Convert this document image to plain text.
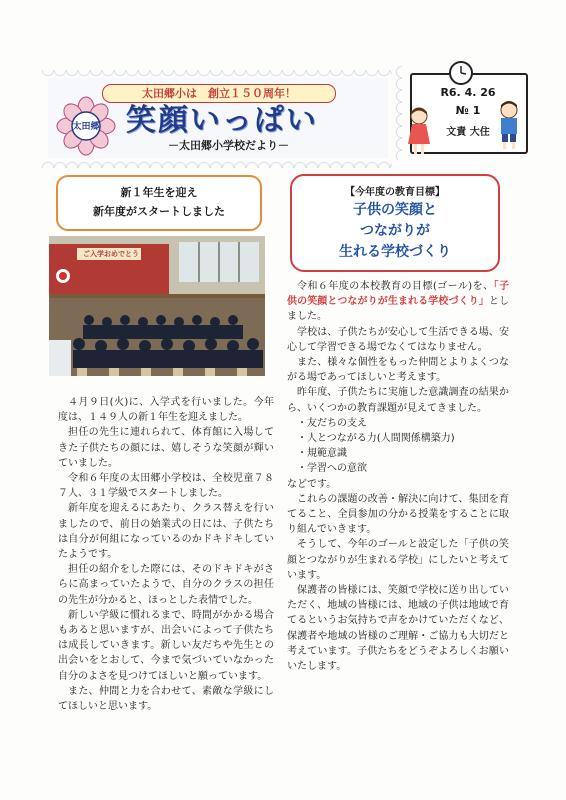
太田郷小は　創立１５０周年！
太田郷 笑顔いっぱい
－太田郷小学校だより－
R6. 4. 26
№ 1
文責 大住
新１年生を迎え
新年度がスタートしました
ご入学おめでとう

４月９日(火)に、入学式を行いました。今年度は、１４９人の新１年生を迎えました。

担任の先生に連れられて、体育館に入場してきた子供たちの顔には、嬉しそうな笑顔が輝いていました。

令和６年度の太田郷小学校は、全校児童７８７人、３１学級でスタートしました。

新年度を迎えるにあたり、クラス替えを行いましたので、前日の始業式の日には、子供たちは自分が何組になっているのかドキドキしていたようです。

担任の紹介をした際には、そのドキドキがさらに高まっていたようで、自分のクラスの担任の先生が分かると、ほっとした表情でした。

新しい学級に慣れるまで、時間がかかる場合もあると思いますが、出会いによって子供たちは成長していきます。新しい友だちや先生との出会いをとおして、今まで気づいていなかった自分のよさを見つけてほしいと願っています。

また、仲間と力を合わせて、素敵な学級にしてほしいと思います。

【今年度の教育目標】
子供の笑顔と
つながりが
生れる学校づくり

令和６年度の本校教育の目標(ゴール)を、「子供の笑顔とつながりが生まれる学校づくり」としました。

学校は、子供たちが安心して生活できる場、安心して学習できる場でなくてはなりません。

また、様々な個性をもった仲間とよりよくつながる場であってほしいと考えます。

昨年度、子供たちに実施した意識調査の結果から、いくつかの教育課題が見えてきました。

・友だちの支え

・人とつながる力(人間関係構築力)

・規範意識

・学習への意欲

などです。

これらの課題の改善・解決に向けて、集団を育てること、全員参加の分かる授業をすることに取り組んでいきます。

そうして、今年のゴールと設定した「子供の笑顔とつながりが生まれる学校」にしたいと考えています。

保護者の皆様には、笑顔で学校に送り出していただく、地域の皆様には、地域の子供は地域で育てるというお気持ちで声をかけていただくなど、保護者や地域の皆様のご理解・ご協力も大切だと考えています。子供たちをどうぞよろしくお願いいたします。
